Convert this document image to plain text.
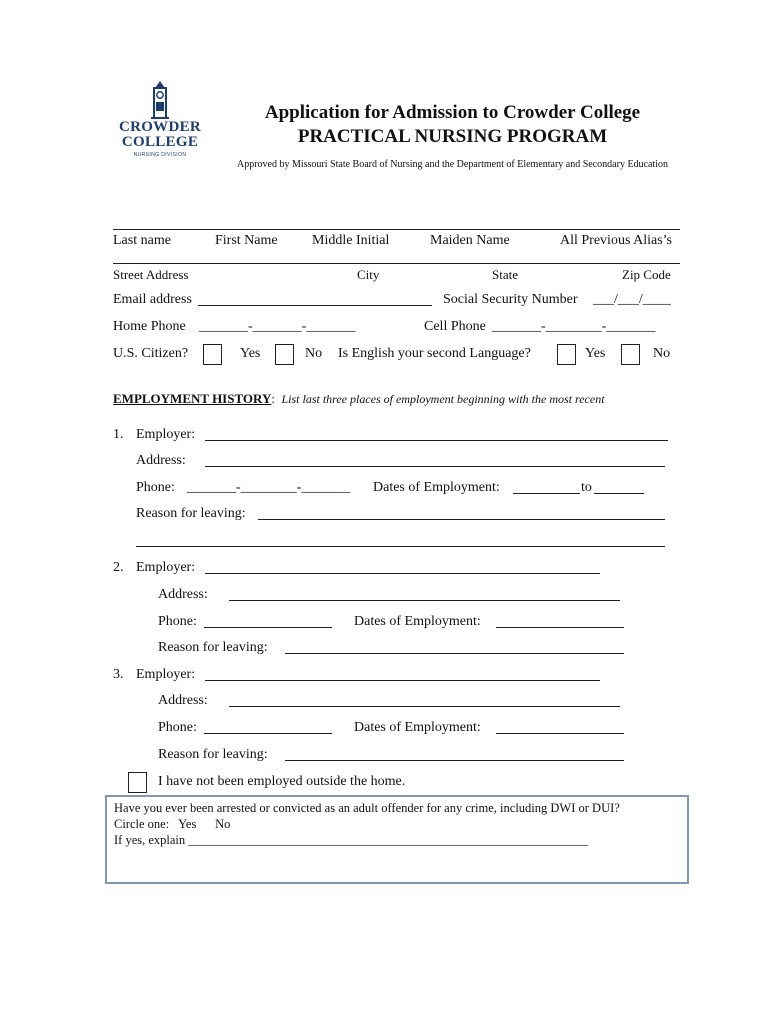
CROWDER
COLLEGE
NURSING DIVISION
Application for Admission to Crowder College
PRACTICAL NURSING PROGRAM
Approved by Missouri State Board of Nursing and the Department of Elementary and Secondary Education
Last name	First Name Middle Initial	Maiden Name	All Previous Alias’s
Street Address	City	State	Zip Code
Email address	Social Security Number ___/___/____
Home Phone _______-_______-_______	Cell Phone _______-________-_______
U.S. Citizen?	Yes	No Is English your second Language?	Yes	No
EMPLOYMENT HISTORY: List last three places of employment beginning with the most recent
1. Employer:
Address:
Phone: _______-________-_______ Dates of Employment:	to
Reason for leaving:
2. Employer:
Address:
Phone:	Dates of Employment:
Reason for leaving:
3. Employer:
Address:
Phone:	Dates of Employment:
Reason for leaving:
I have not been employed outside the home.
Have you ever been arrested or convicted as an adult offender for any crime, including DWI or DUI?
Circle one: Yes No
If yes, explain ________________________________________________________________
